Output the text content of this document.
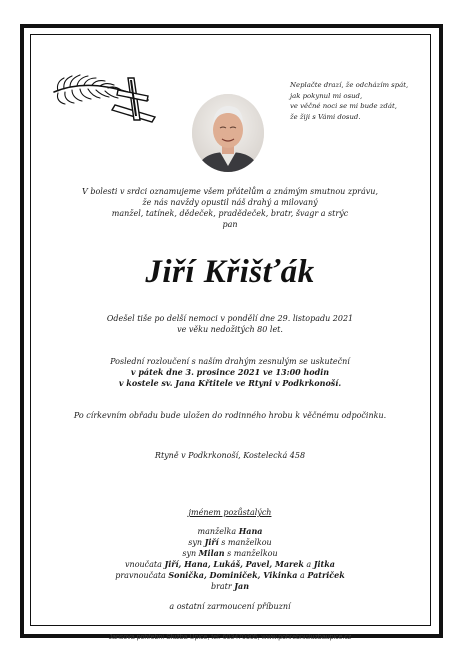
Neplačte drazí, že odcházím spát,
jak pokynul mi osud,
ve věčné noci se mi bude zdát,
že žiji s Vámi dosud.
V bolesti v srdci oznamujeme všem přátelům a známým smutnou zprávu,
že nás navždy opustil náš drahý a milovaný
manžel, tatínek, dědeček, pradědeček, bratr, švagr a strýc
pan
Jiří Křišťák
Odešel tiše po delší nemoci v pondělí dne 29. listopadu 2021
ve věku nedožitých 80 let.
Poslední rozloučení s naším drahým zesnulým se uskuteční
v pátek dne 3. prosince 2021 ve 13:00 hodin
v kostele sv. Jana Křtitele ve Rtyni v Podkrkonoší.
Po církevním obřadu bude uložen do rodinného hrobu k věčnému odpočinku.
Rtyně v Podkrkonoší, Kostelecká 458
jménem pozůstalých
manželka Hana
syn Jiří s manželkou
syn Milan s manželkou
vnoučata Jiří, Hana, Lukáš, Pavel, Marek a Jitka
pravnoučata Sonička, Dominiček, Vikinka a Patriček
bratr Jan
a ostatní zarmoucení příbuzní
Jansova pohřební Služba Úpice, tel: 603470305, www.pohrebnisluzbaupice.cz
